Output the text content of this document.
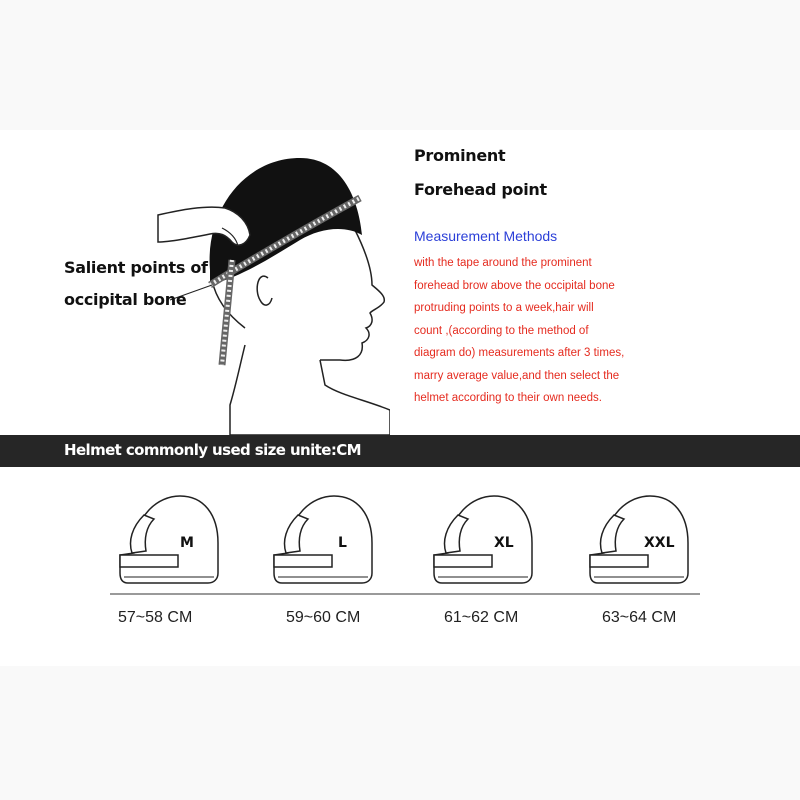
Salient points of
occipital bone
Prominent
Forehead point
Measurement Methods
with the tape around the prominent
forehead brow above the occipital bone
protruding points to a week,hair will
count ,(according to the method of
diagram do) measurements after 3 times,
marry average value,and then select the
helmet according to their own needs.
Helmet commonly used size unite:CM
M	L	XL	XXL
57~58 CM	59~60 CM	61~62 CM	63~64 CM
